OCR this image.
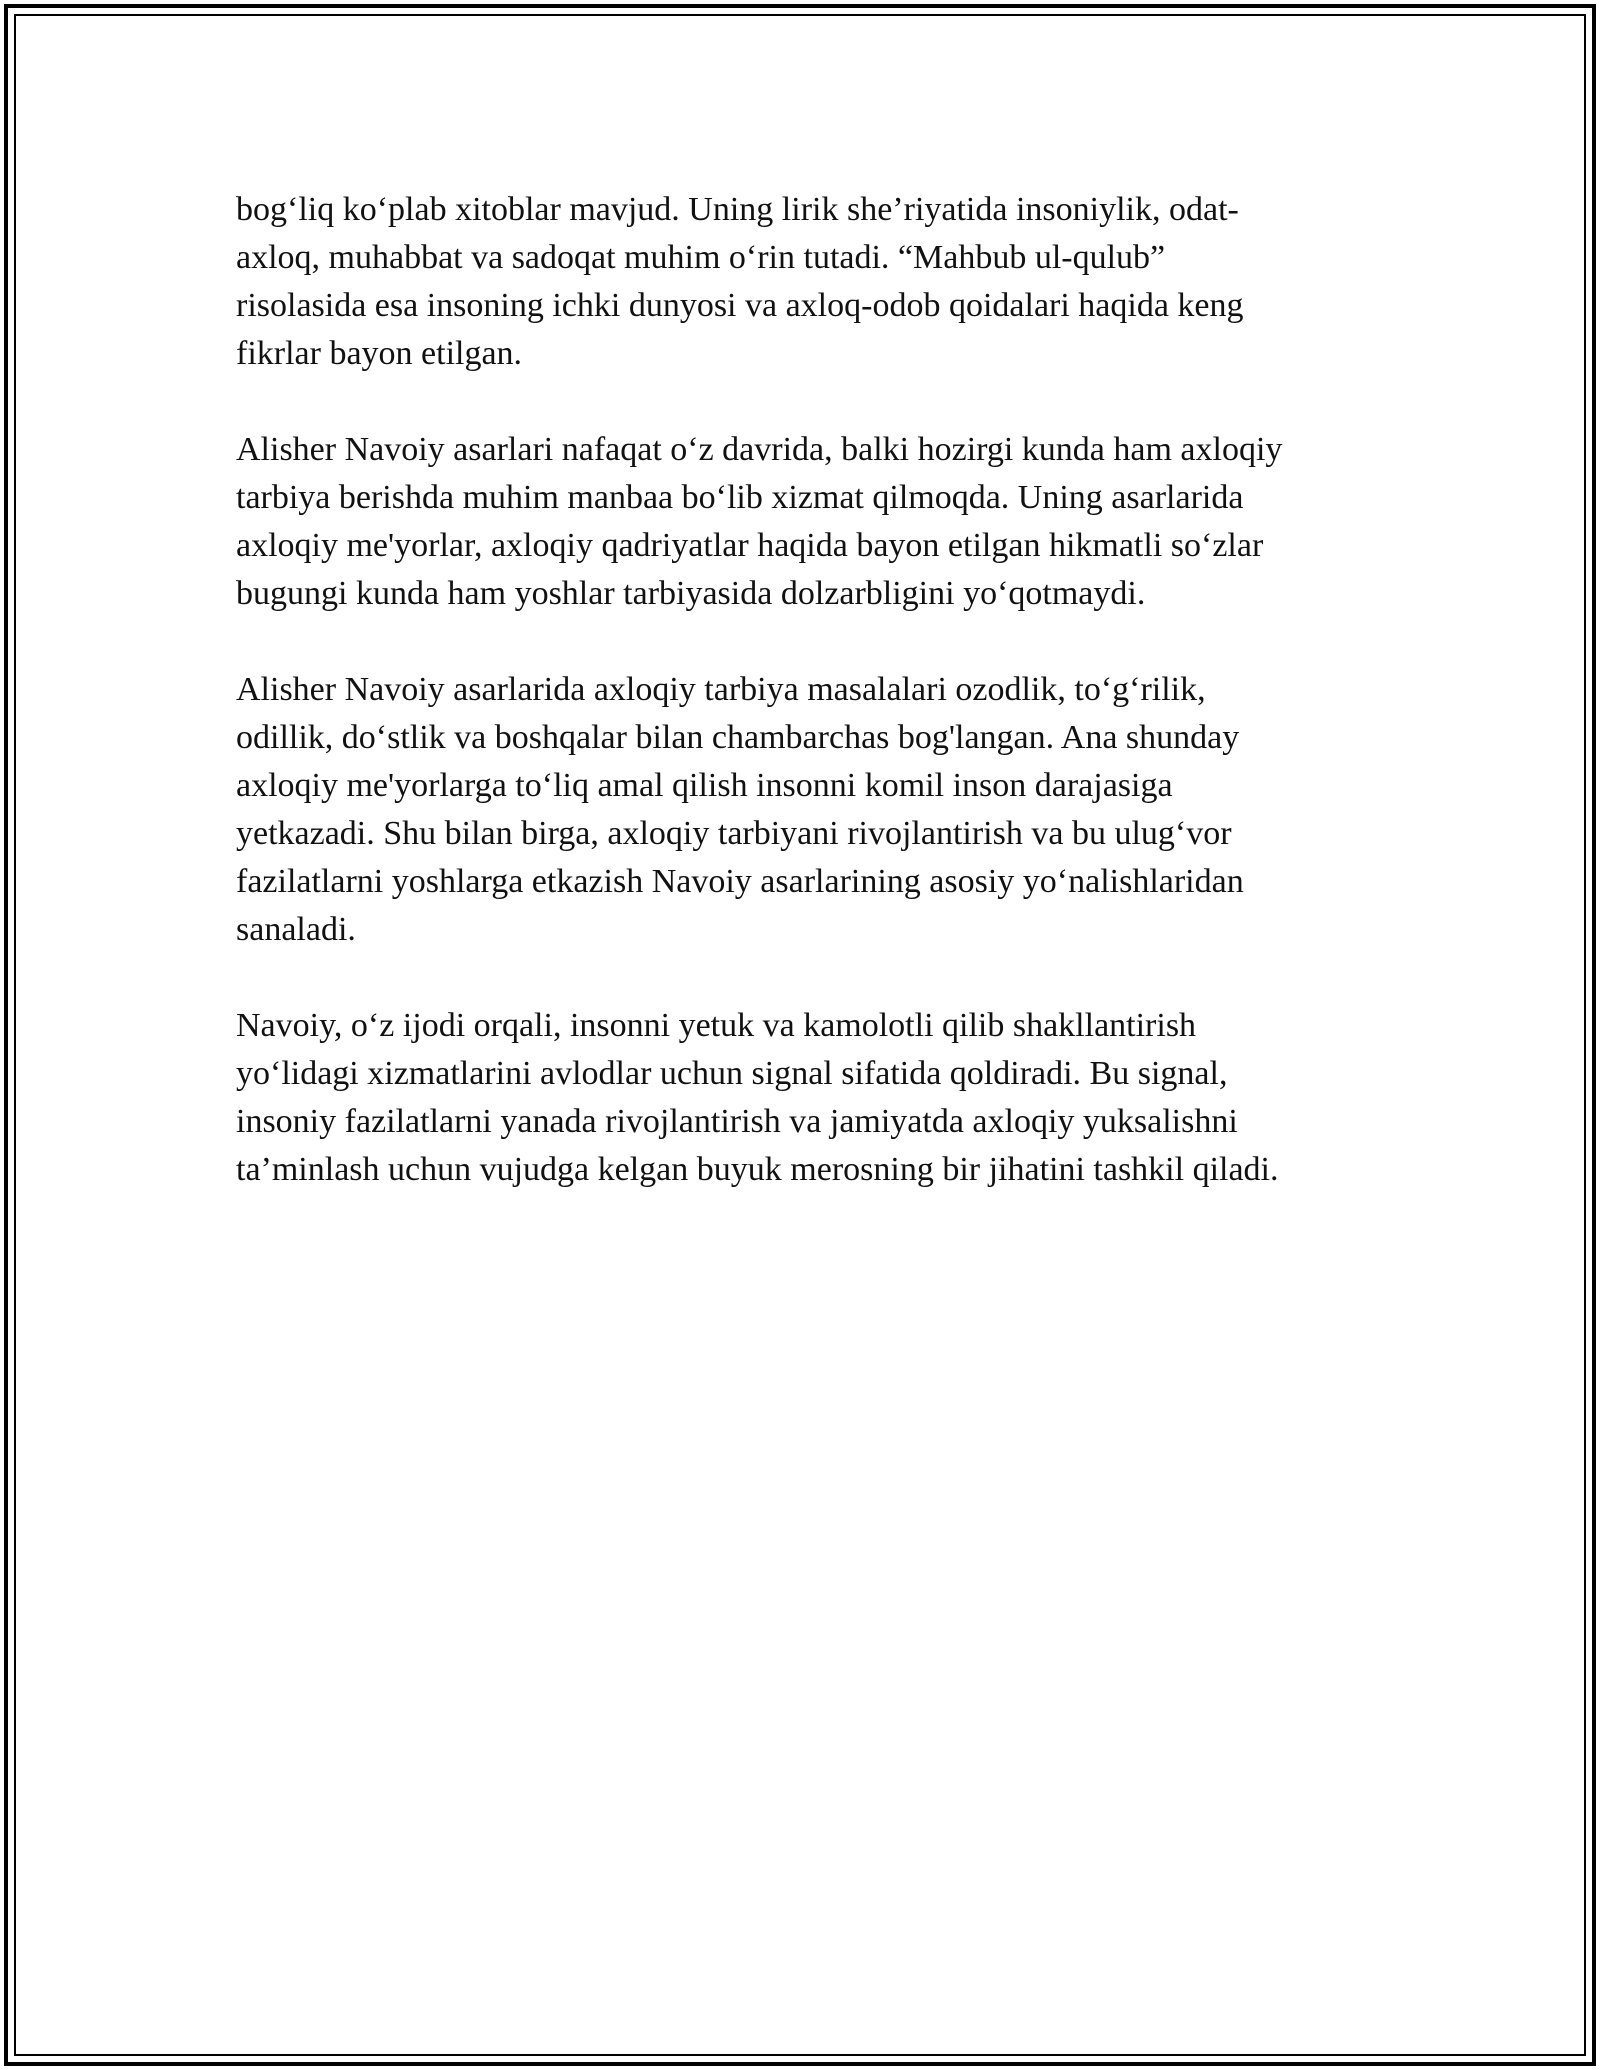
bog‘liq ko‘plab xitoblar mavjud. Uning lirik she’riyatida insoniylik, odat-
axloq, muhabbat va sadoqat muhim o‘rin tutadi. “Mahbub ul-qulub”
risolasida esa insoning ichki dunyosi va axloq-odob qoidalari haqida keng
fikrlar bayon etilgan.

Alisher Navoiy asarlari nafaqat o‘z davrida, balki hozirgi kunda ham axloqiy
tarbiya berishda muhim manbaa bo‘lib xizmat qilmoqda. Uning asarlarida
axloqiy me'yorlar, axloqiy qadriyatlar haqida bayon etilgan hikmatli so‘zlar
bugungi kunda ham yoshlar tarbiyasida dolzarbligini yo‘qotmaydi.

Alisher Navoiy asarlarida axloqiy tarbiya masalalari ozodlik, to‘g‘rilik,
odillik, do‘stlik va boshqalar bilan chambarchas bog'langan. Ana shunday
axloqiy me'yorlarga to‘liq amal qilish insonni komil inson darajasiga
yetkazadi. Shu bilan birga, axloqiy tarbiyani rivojlantirish va bu ulug‘vor
fazilatlarni yoshlarga etkazish Navoiy asarlarining asosiy yo‘nalishlaridan
sanaladi.

Navoiy, o‘z ijodi orqali, insonni yetuk va kamolotli qilib shakllantirish
yo‘lidagi xizmatlarini avlodlar uchun signal sifatida qoldiradi. Bu signal,
insoniy fazilatlarni yanada rivojlantirish va jamiyatda axloqiy yuksalishni
ta’minlash uchun vujudga kelgan buyuk merosning bir jihatini tashkil qiladi.
